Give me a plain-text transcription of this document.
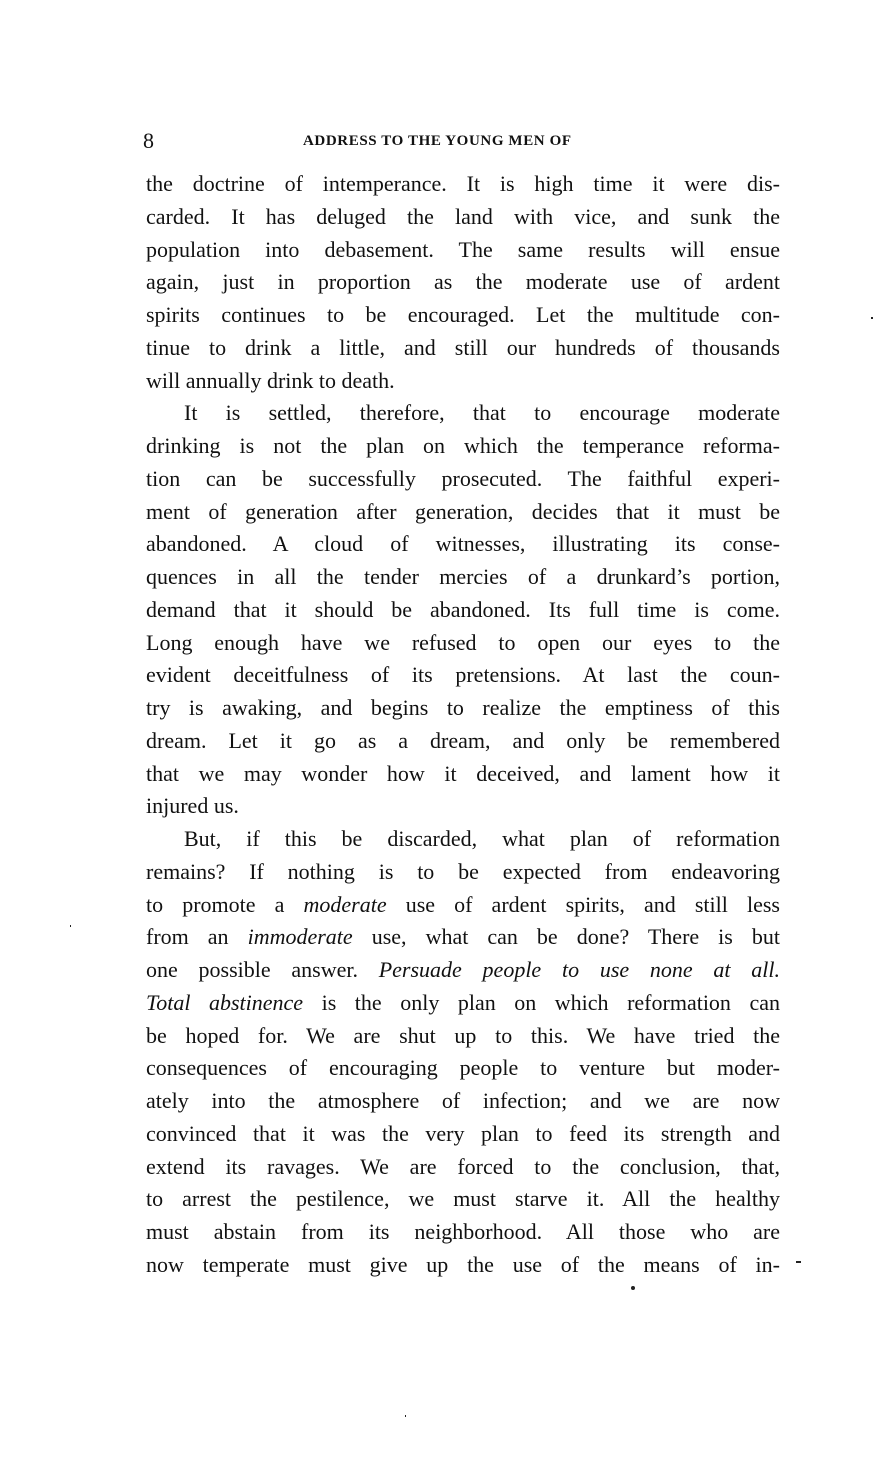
8	ADDRESS TO THE YOUNG MEN OF
the doctrine of intemperance. It is high time it were dis-
carded. It has deluged the land with vice, and sunk the
population into debasement. The same results will ensue
again, just in proportion as the moderate use of ardent
spirits continues to be encouraged. Let the multitude con-
tinue to drink a little, and still our hundreds of thousands
will annually drink to death.
It is settled, therefore, that to encourage moderate
drinking is not the plan on which the temperance reforma-
tion can be successfully prosecuted. The faithful experi-
ment of generation after generation, decides that it must be
abandoned. A cloud of witnesses, illustrating its conse-
quences in all the tender mercies of a drunkard’s portion,
demand that it should be abandoned. Its full time is come.
Long enough have we refused to open our eyes to the
evident deceitfulness of its pretensions. At last the coun-
try is awaking, and begins to realize the emptiness of this
dream. Let it go as a dream, and only be remembered
that we may wonder how it deceived, and lament how it
injured us.
But, if this be discarded, what plan of reformation
remains? If nothing is to be expected from endeavoring
to promote a moderate use of ardent spirits, and still less
from an immoderate use, what can be done? There is but
one possible answer. Persuade people to use none at all.
Total abstinence is the only plan on which reformation can
be hoped for. We are shut up to this. We have tried the
consequences of encouraging people to venture but moder-
ately into the atmosphere of infection; and we are now
convinced that it was the very plan to feed its strength and
extend its ravages. We are forced to the conclusion, that,
to arrest the pestilence, we must starve it. All the healthy
must abstain from its neighborhood. All those who are
now temperate must give up the use of the means of in-
